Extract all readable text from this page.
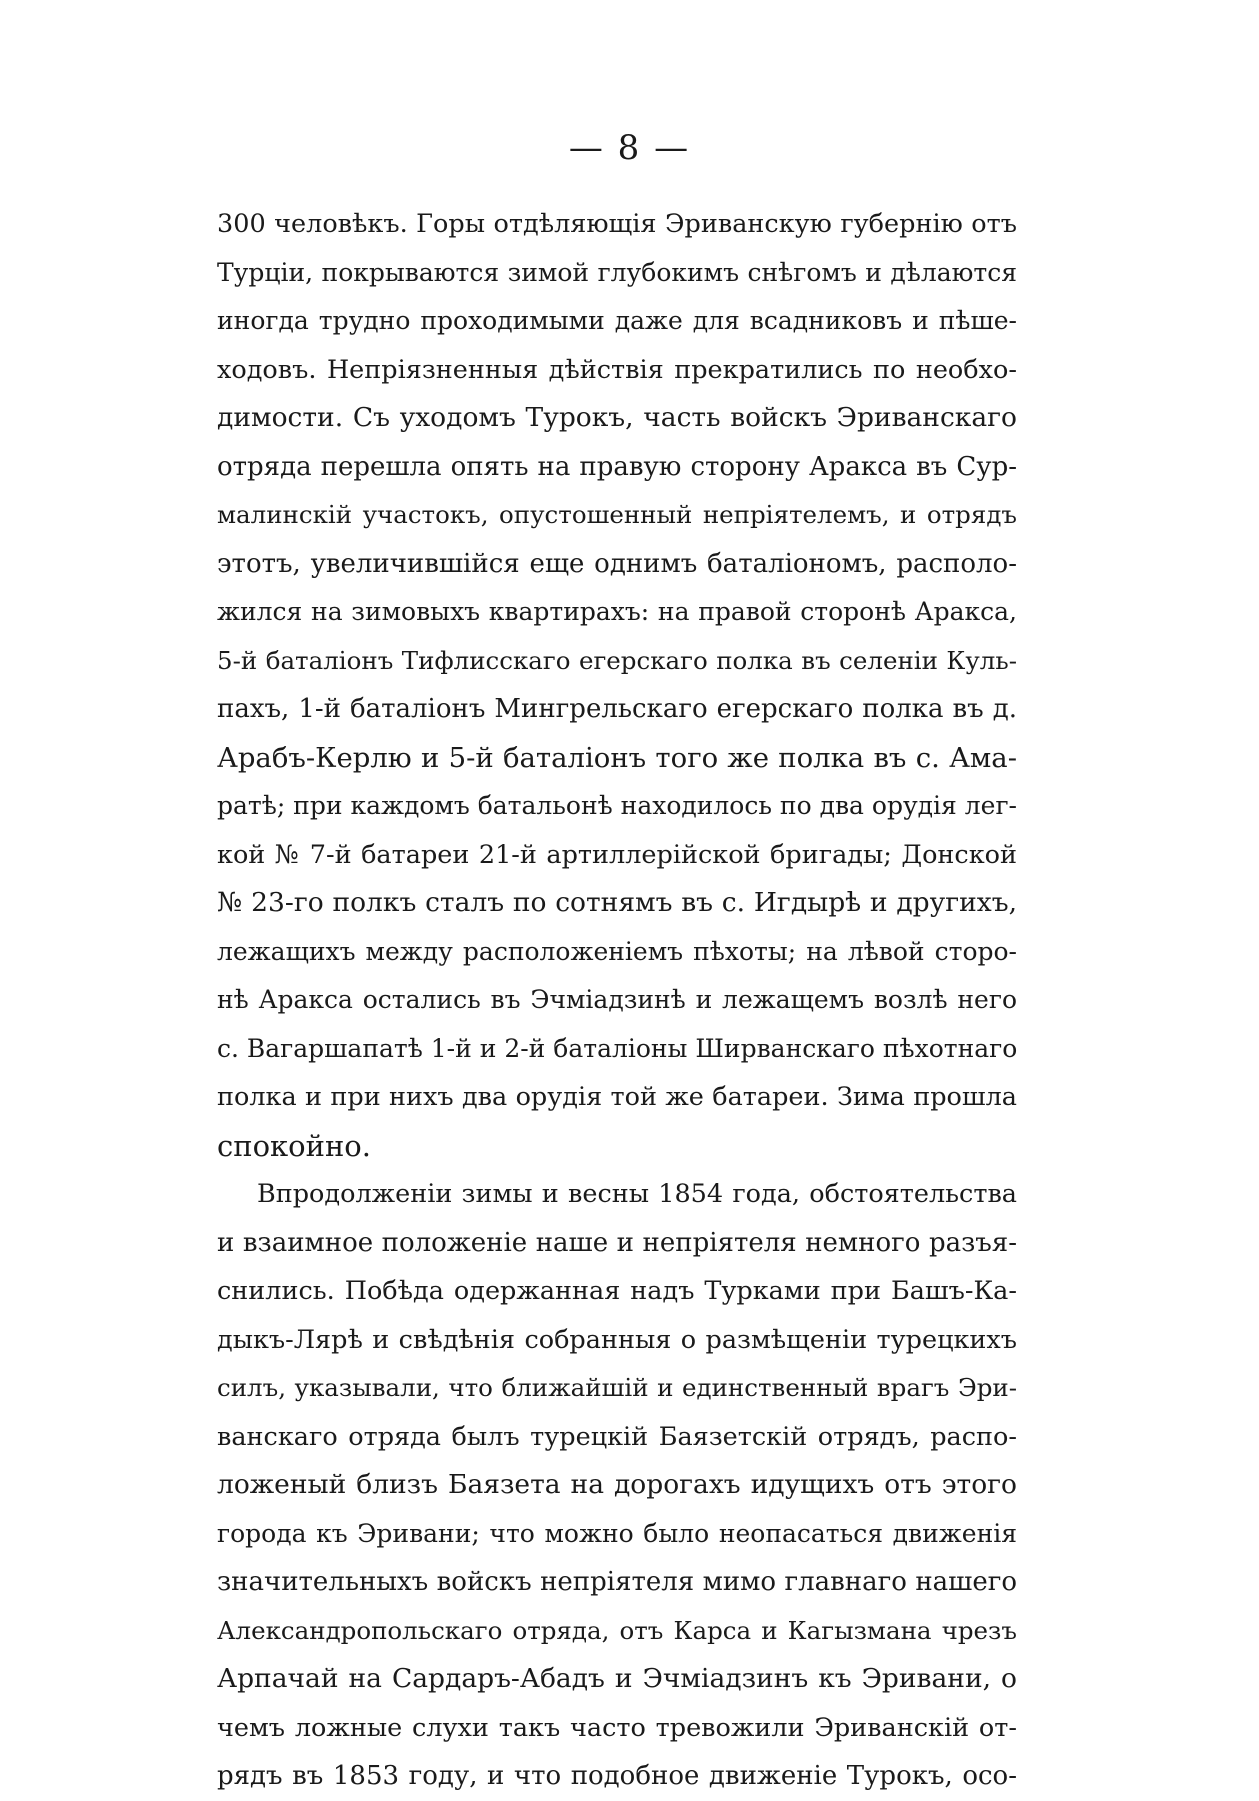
— 8 —
300 человѣкъ. Горы отдѣляющія Эриванскую губернію отъ
Турціи, покрываются зимой глубокимъ снѣгомъ и дѣлаются
иногда трудно проходимыми даже для всадниковъ и пѣше-
ходовъ. Непріязненныя дѣйствія прекратились по необхо-
димости. Съ уходомъ Турокъ, часть войскъ Эриванскаго
отряда перешла опять на правую сторону Аракса въ Сур-
малинскій участокъ, опустошенный непріятелемъ, и отрядъ
этотъ, увеличившійся еще однимъ баталіономъ, располо-
жился на зимовыхъ квартирахъ: на правой сторонѣ Аракса,
5-й баталіонъ Тифлисскаго егерскаго полка въ селеніи Куль-
пахъ, 1-й баталіонъ Мингрельскаго егерскаго полка въ д.
Арабъ-Керлю и 5-й баталіонъ того же полка въ с. Ама-
ратѣ; при каждомъ батальонѣ находилось по два орудія лег-
кой № 7-й батареи 21-й артиллерійской бригады; Донской
№ 23-го полкъ сталъ по сотнямъ въ с. Игдырѣ и другихъ,
лежащихъ между расположеніемъ пѣхоты; на лѣвой сторо-
нѣ Аракса остались въ Эчміадзинѣ и лежащемъ возлѣ него
с. Вагаршапатѣ 1-й и 2-й баталіоны Ширванскаго пѣхотнаго
полка и при нихъ два орудія той же батареи. Зима прошла
спокойно.
Впродолженіи зимы и весны 1854 года, обстоятельства
и взаимное положеніе наше и непріятеля немного разъя-
снились. Побѣда одержанная надъ Турками при Башъ-Ка-
дыкъ-Лярѣ и свѣдѣнія собранныя о размѣщеніи турецкихъ
силъ, указывали, что ближайшій и единственный врагъ Эри-
ванскаго отряда былъ турецкій Баязетскій отрядъ, распо-
ложеный близъ Баязета на дорогахъ идущихъ отъ этого
города къ Эривани; что можно было неопасаться движенія
значительныхъ войскъ непріятеля мимо главнаго нашего
Александропольскаго отряда, отъ Карса и Кагызмана чрезъ
Арпачай на Сардаръ-Абадъ и Эчміадзинъ къ Эривани, о
чемъ ложные слухи такъ часто тревожили Эриванскій от-
рядъ въ 1853 году, и что подобное движеніе Турокъ, осо-
